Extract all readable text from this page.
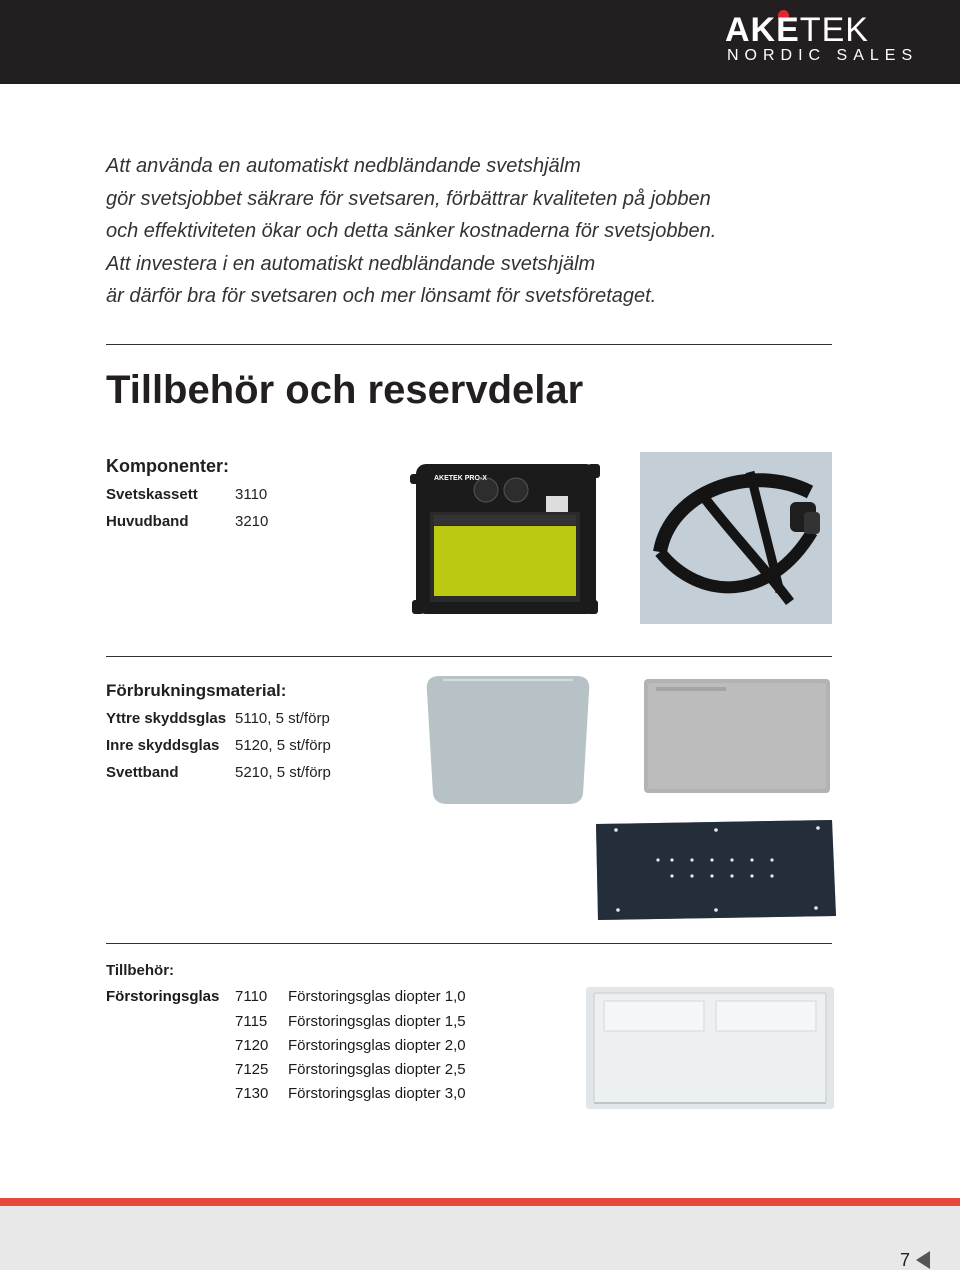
AKETEK
NORDIC SALES
Att använda en automatiskt nedbländande svetshjälm
gör svetsjobbet säkrare för svetsaren, förbättrar kvaliteten på jobben
och effektiviteten ökar och detta sänker kostnaderna för svetsjobben.
Att investera i en automatiskt nedbländande svetshjälm
är därför bra för svetsaren och mer lönsamt för svetsföretaget.
Tillbehör och reservdelar
Komponenter:
Svetskassett 3110
Huvudband	3210
AKETEK PRO-X
Förbrukningsmaterial:
Yttre skyddsglas 5110, 5 st/förp
Inre skyddsglas 5120, 5 st/förp
Svettband	5210, 5 st/förp
Tillbehör:
Förstoringsglas 7110 Förstoringsglas diopter 1,0
7115 Förstoringsglas diopter 1,5
7120 Förstoringsglas diopter 2,0
7125 Förstoringsglas diopter 2,5
7130 Förstoringsglas diopter 3,0
7
